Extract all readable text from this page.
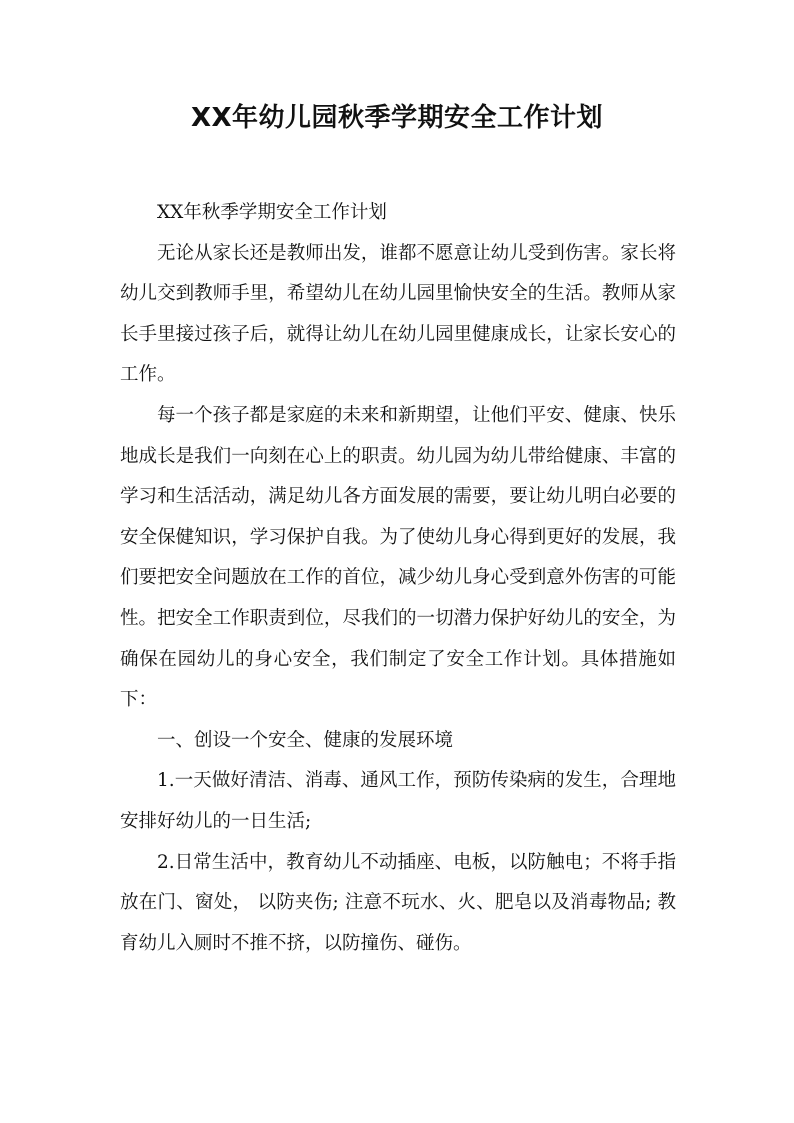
XX年幼儿园秋季学期安全工作计划

XX年秋季学期安全工作计划

无论从家长还是教师出发，谁都不愿意让幼儿受到伤害。家长将幼儿交到教师手里，希望幼儿在幼儿园里愉快安全的生活。教师从家长手里接过孩子后，就得让幼儿在幼儿园里健康成长，让家长安心的工作。

每一个孩子都是家庭的未来和新期望，让他们平安、健康、快乐地成长是我们一向刻在心上的职责。幼儿园为幼儿带给健康、丰富的学习和生活活动，满足幼儿各方面发展的需要，要让幼儿明白必要的安全保健知识，学习保护自我。为了使幼儿身心得到更好的发展，我们要把安全问题放在工作的首位，减少幼儿身心受到意外伤害的可能性。把安全工作职责到位，尽我们的一切潜力保护好幼儿的安全，为确保在园幼儿的身心安全，我们制定了安全工作计划。具体措施如下：

一、创设一个安全、健康的发展环境

1.一天做好清洁、消毒、通风工作，预防传染病的发生，合理地安排好幼儿的一日生活;

2.日常生活中，教育幼儿不动插座、电板，以防触电；不将手指放在门、窗处， 以防夹伤; 注意不玩水、火、肥皂以及消毒物品; 教育幼儿入厕时不推不挤，以防撞伤、碰伤。
